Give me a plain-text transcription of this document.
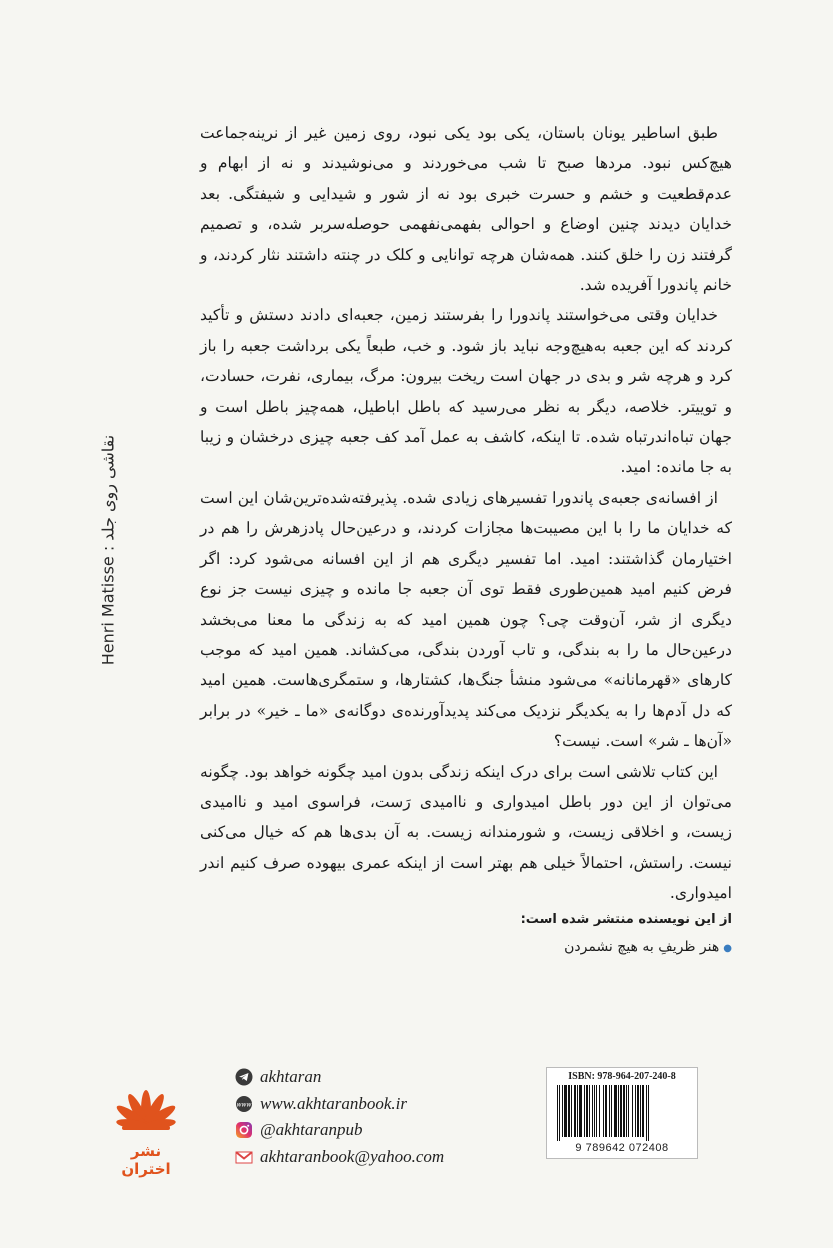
Henri Matisse : نقاشی روی جلد

طبق اساطیر یونان باستان، یکی بود یکی نبود، روی زمین غیر از نرینه‌جماعت هیچ‌کس نبود. مردها صبح تا شب می‌خوردند و می‌نوشیدند و نه از ابهام و عدم‌قطعیت و خشم و حسرت خبری بود نه از شور و شیدایی و شیفتگی. بعد خدایان دیدند چنین اوضاع و احوالی بفهمی‌نفهمی حوصله‌سربر شده، و تصمیم گرفتند زن را خلق کنند. همه‌شان هرچه توانایی و کلک در چنته داشتند نثار کردند، و خانم پاندورا آفریده شد.

خدایان وقتی می‌خواستند پاندورا را بفرستند زمین، جعبه‌ای دادند دستش و تأکید کردند که این جعبه به‌هیچ‌وجه نباید باز شود. و خب، طبعاً یکی برداشت جعبه را باز کرد و هرچه شر و بدی در جهان است ریخت بیرون: مرگ، بیماری، نفرت، حسادت، و توییتر. خلاصه، دیگر به نظر می‌رسید که باطل اباطیل، همه‌چیز باطل است و جهان تباه‌اندرتباه شده. تا اینکه، کاشف به عمل آمد کف جعبه چیزی درخشان و زیبا به جا مانده: امید.

از افسانه‌ی جعبه‌ی پاندورا تفسیرهای زیادی شده. پذیرفته‌شده‌ترین‌شان این است که خدایان ما را با این مصیبت‌ها مجازات کردند، و درعین‌حال پادزهرش را هم در اختیارمان گذاشتند: امید. اما تفسیر دیگری هم از این افسانه می‌شود کرد: اگر فرض کنیم امید همین‌طوری فقط توی آن جعبه جا مانده و چیزی نیست جز نوع دیگری از شر، آن‌وقت چی؟ چون همین امید که به زندگی ما معنا می‌بخشد درعین‌حال ما را به بندگی، و تاب آوردن بندگی، می‌کشاند. همین امید که موجب کارهای «قهرمانانه» می‌شود منشأ جنگ‌ها، کشتارها، و ستمگری‌هاست. همین امید که دل آدم‌ها را به یکدیگر نزدیک می‌کند پدیدآورنده‌ی دوگانه‌ی «ما ـ خیر» در برابر «آن‌ها ـ شر» است. نیست؟

این کتاب تلاشی است برای درک اینکه زندگی بدون امید چگونه خواهد بود. چگونه می‌توان از این دور باطل امیدواری و ناامیدی رَست، فراسوی امید و ناامیدی زیست، و اخلاقی زیست، و شورمندانه زیست. به آن بدی‌ها هم که خیال می‌کنی نیست. راستش، احتمالاً خیلی هم بهتر است از اینکه عمری بیهوده صرف کنیم اندر امیدواری.

از این نویسنده منتشر شده است:
●هنر ظریفِ به هیچ نشمردن
نشر اختران
akhtaran
www www.akhtaranbook.ir
@akhtaranpub
akhtaranbook@yahoo.com
ISBN: 978-964-207-240-8
9 789642 072408
